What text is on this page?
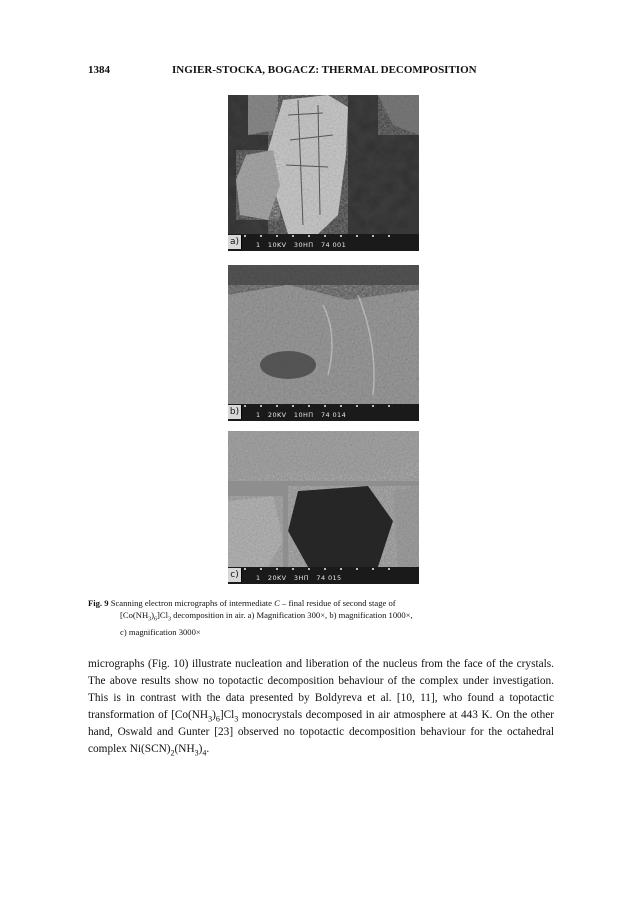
1384	INGIER-STOCKA, BOGACZ: THERMAL DECOMPOSITION
a)	1   10KV   30ΗΠ   74 001
b)	1   20KV   10ΗΠ   74 014
c)	1   20KV   3ΗΠ   74 015
Fig. 9 Scanning electron micrographs of intermediate C – final residue of second stage of
$[Co(NH_3)_6]Cl_3$ decomposition in air. a) Magnification 300×, b) magnification 1000×,
c) magnification 3000×
micrographs (Fig. 10) illustrate nucleation and liberation of the nucleus from the face of the crystals. The above results show no topotactic decomposition behaviour of the complex under investigation. This is in contrast with the data presented by Boldyreva et al. [10, 11], who found a topotactic transformation of $[Co(NH_3)_6]Cl_3$ monocrystals decomposed in air atmosphere at 443 K. On the other hand, Oswald and Gunter [23] observed no topotactic decomposition behaviour for the octahedral complex $Ni(SCN)_2(NH_3)_4$.
